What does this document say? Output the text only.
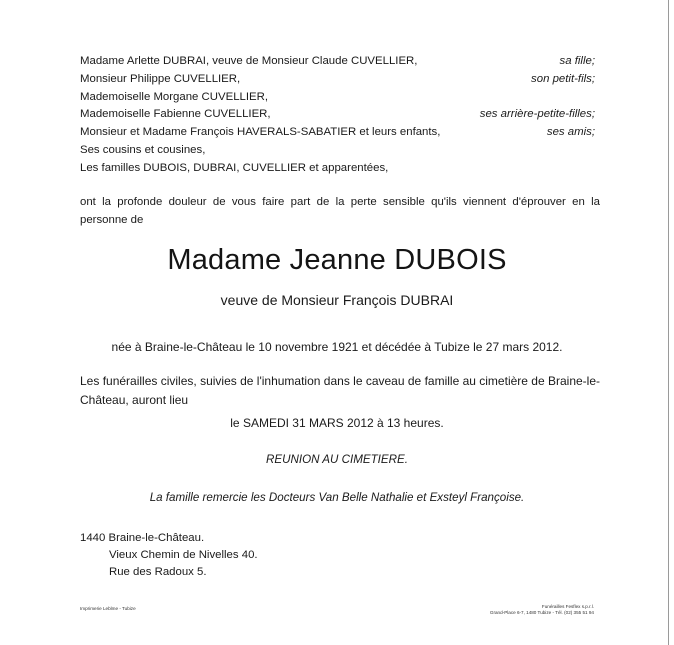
Madame Arlette DUBRAI, veuve de Monsieur Claude CUVELLIER,	sa fille;
Monsieur Philippe CUVELLIER,	son petit-fils;
Mademoiselle Morgane CUVELLIER,
Mademoiselle Fabienne CUVELLIER,	ses arrière-petite-filles;
Monsieur et Madame François HAVERALS-SABATIER et leurs enfants,	ses amis;
Ses cousins et cousines,
Les familles DUBOIS, DUBRAI, CUVELLIER et apparentées,
ont la profonde douleur de vous faire part de la perte sensible qu'ils viennent d'éprouver en la personne de
Madame Jeanne DUBOIS
veuve de Monsieur François DUBRAI
née à Braine-le-Château le 10 novembre 1921 et décédée à Tubize le 27 mars 2012.
Les funérailles civiles, suivies de l'inhumation dans le caveau de famille au cimetière de Braine-le-Château, auront lieu
le SAMEDI 31 MARS 2012 à 13 heures.
REUNION AU CIMETIERE.
La famille remercie les Docteurs Van Belle Nathalie et Exsteyl Françoise.
1440 Braine-le-Château.
Vieux Chemin de Nivelles 40.
Rue des Radoux 5.
Imprimerie Leblme - Tubize	Funérailles Fesflex s.p.r.l.
Grand-Place 6-7, 1480 Tubize - Tél. (02) 355 51 94
